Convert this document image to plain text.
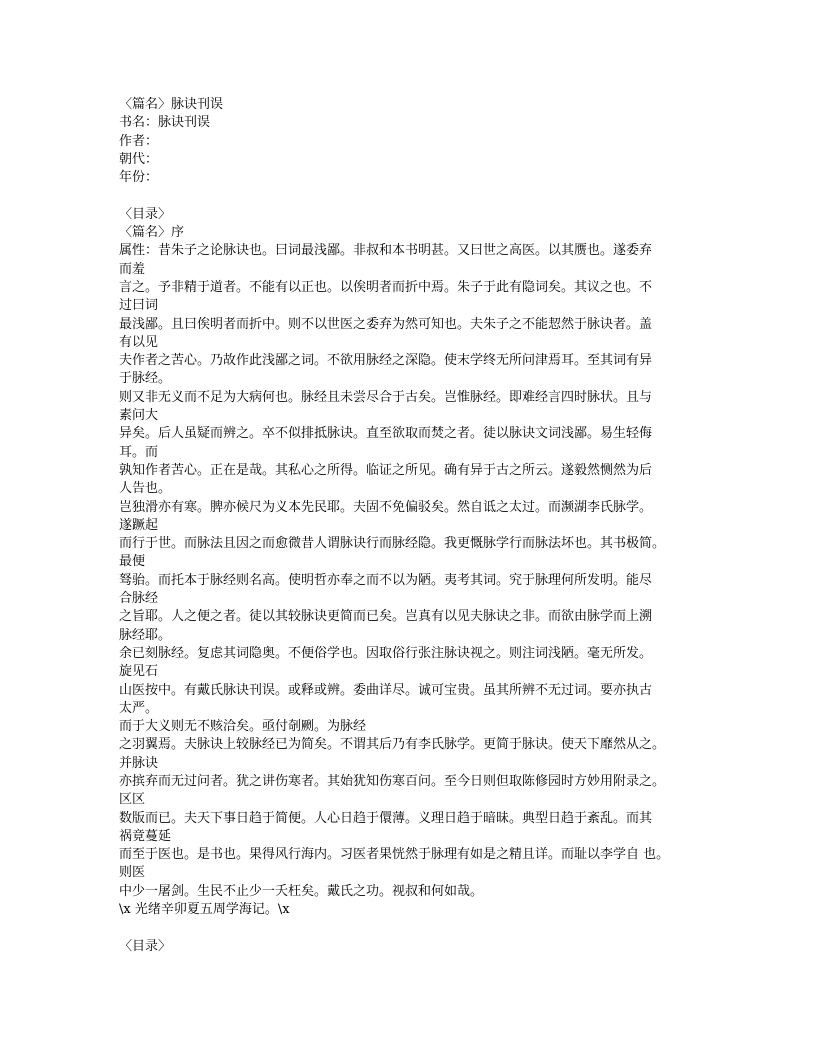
〈篇名〉脉诀刊误
书名：脉诀刊误
作者：
朝代：
年份：
〈目录〉
〈篇名〉序
属性：昔朱子之论脉诀也。曰词最浅鄙。非叔和本书明甚。又曰世之高医。以其赝也。遂委弃
而羞
言之。予非精于道者。不能有以正也。以俟明者而折中焉。朱子于此有隐词矣。其议之也。不
过曰词
最浅鄙。且曰俟明者而折中。则不以世医之委弃为然可知也。夫朱子之不能恝然于脉诀者。盖
有以见
夫作者之苦心。乃故作此浅鄙之词。不欲用脉经之深隐。使末学终无所问津焉耳。至其词有异
于脉经。
则又非无义而不足为大病何也。脉经且未尝尽合于古矣。岂惟脉经。即难经言四时脉状。且与
素问大
异矣。后人虽疑而辨之。卒不似排抵脉诀。直至欲取而焚之者。徒以脉诀文词浅鄙。易生轻侮
耳。而
孰知作者苦心。正在是哉。其私心之所得。临证之所见。确有异于古之所云。遂毅然恻然为后
人告也。
岂独滑亦有寒。脾亦候尺为义本先民耶。夫固不免偏驳矣。然自诋之太过。而濒湖李氏脉学。
遂蹶起
而行于世。而脉法且因之而愈微昔人谓脉诀行而脉经隐。我更慨脉学行而脉法坏也。其书极简。
最便
驽骀。而托本于脉经则名高。使明哲亦奉之而不以为陋。夷考其词。究于脉理何所发明。能尽
合脉经
之旨耶。人之便之者。徒以其较脉诀更简而已矣。岂真有以见夫脉诀之非。而欲由脉学而上溯
脉经耶。
余已刻脉经。复虑其词隐奥。不便俗学也。因取俗行张注脉诀视之。则注词浅陋。毫无所发。
旋见石
山医按中。有戴氏脉诀刊误。或释或辨。委曲详尽。诚可宝贵。虽其所辨不无过词。要亦执古
太严。
而于大义则无不赅洽矣。亟付剞劂。为脉经
之羽翼焉。夫脉诀上较脉经已为简矣。不谓其后乃有李氏脉学。更简于脉诀。使天下靡然从之。
并脉诀
亦摈弃而无过问者。犹之讲伤寒者。其始犹知伤寒百问。至今日则但取陈修园时方妙用附录之。
区区
数版而已。夫天下事日趋于简便。人心日趋于儇薄。义理日趋于暗昧。典型日趋于紊乱。而其
祸竟蔓延
而至于医也。是书也。果得风行海内。习医者果恍然于脉理有如是之精且详。而耻以李学自 也。
则医
中少一屠剑。生民不止少一夭枉矣。戴氏之功。视叔和何如哉。
\x 光绪辛卯夏五周学海记。\x
〈目录〉
